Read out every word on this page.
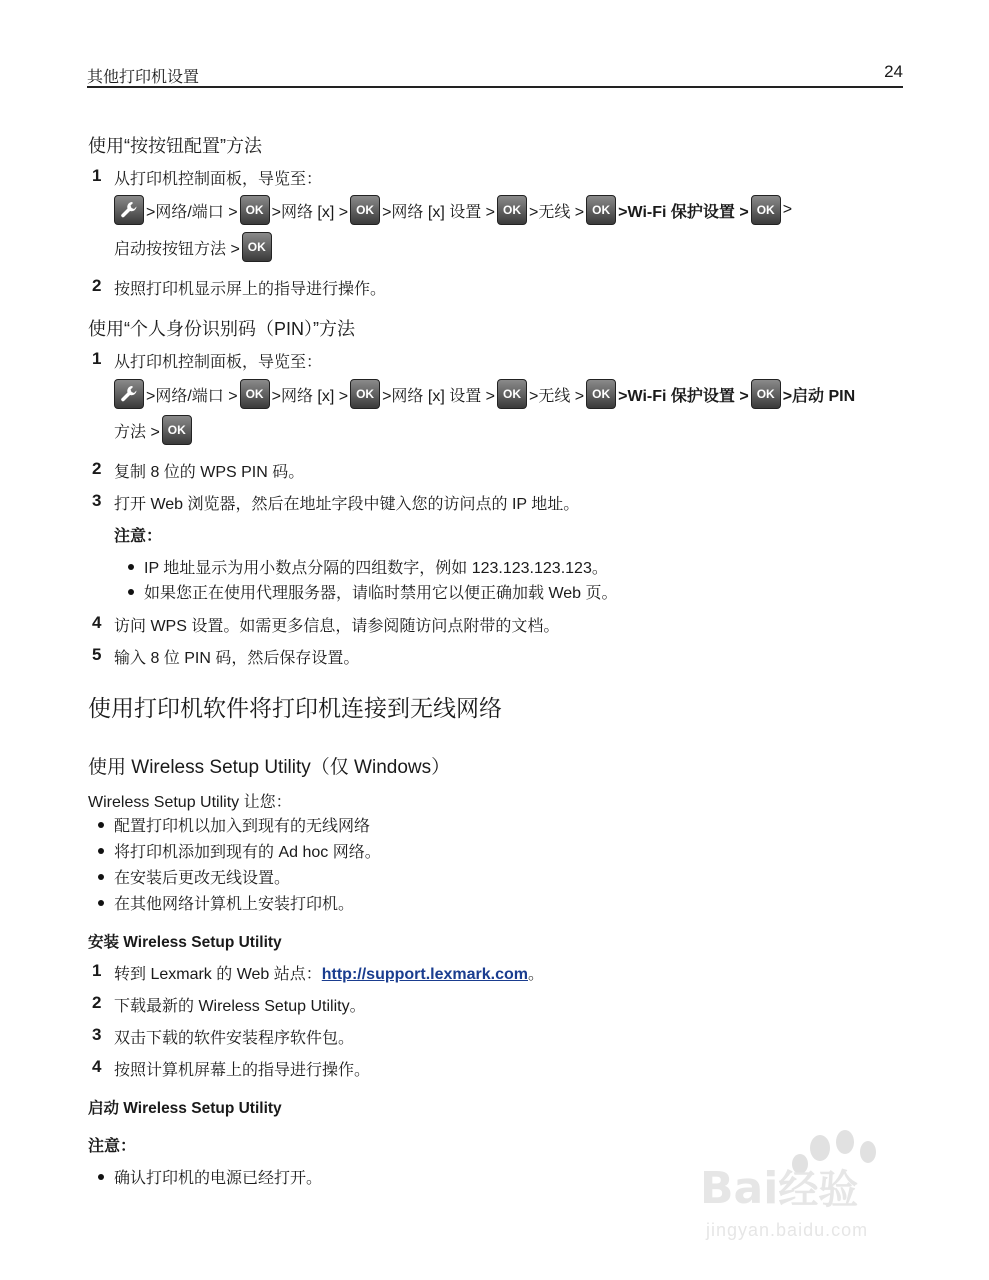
其他打印机设置	24
使用“按按钮配置”方法
1 从打印机控制面板，导览至：
>网络/端口 > OK >网络 [x] > OK >网络 [x] 设置 > OK >无线 > OK >Wi-Fi 保护设置 > OK >
启动按按钮方法 > OK
2 按照打印机显示屏上的指导进行操作。
使用“个人身份识别码（PIN）”方法
1 从打印机控制面板，导览至：
>网络/端口 > OK >网络 [x] > OK >网络 [x] 设置 > OK >无线 > OK >Wi-Fi 保护设置 > OK >启动 PIN
方法 > OK
2 复制 8 位的 WPS PIN 码。
3 打开 Web 浏览器，然后在地址字段中键入您的访问点的 IP 地址。
注意：
IP 地址显示为用小数点分隔的四组数字，例如 123.123.123.123。
如果您正在使用代理服务器，请临时禁用它以便正确加载 Web 页。
4 访问 WPS 设置。如需更多信息，请参阅随访问点附带的文档。
5 输入 8 位 PIN 码，然后保存设置。
使用打印机软件将打印机连接到无线网络
使用 Wireless Setup Utility（仅 Windows）
Wireless Setup Utility 让您：
配置打印机以加入到现有的无线网络
将打印机添加到现有的 Ad hoc 网络。
在安装后更改无线设置。
在其他网络计算机上安装打印机。
安装 Wireless Setup Utility
1 转到 Lexmark 的 Web 站点：http://support.lexmark.com。
2 下载最新的 Wireless Setup Utility。
3 双击下载的软件安装程序软件包。
4 按照计算机屏幕上的指导进行操作。
启动 Wireless Setup Utility
注意：
确认打印机的电源已经打开。	Bai经验
jingyan.baidu.com
